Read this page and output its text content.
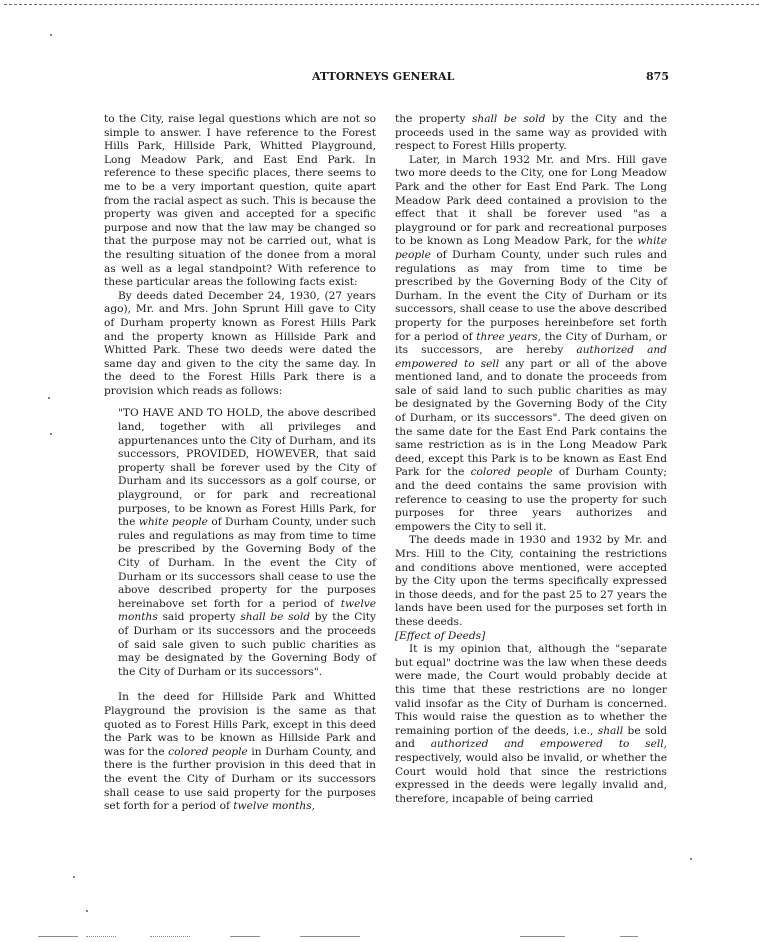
ATTORNEYS GENERAL	875

to the City, raise legal questions which are not so simple to answer. I have reference to the Forest Hills Park, Hillside Park, Whitted Playground, Long Meadow Park, and East End Park. In reference to these specific places, there seems to me to be a very important question, quite apart from the racial aspect as such. This is because the property was given and accepted for a specific purpose and now that the law may be changed so that the purpose may not be carried out, what is the resulting situation of the donee from a moral as well as a legal standpoint? With reference to these particular areas the following facts exist:

By deeds dated December 24, 1930, (27 years ago), Mr. and Mrs. John Sprunt Hill gave to City of Durham property known as Forest Hills Park and the property known as Hillside Park and Whitted Park. These two deeds were dated the same day and given to the city the same day. In the deed to the Forest Hills Park there is a provision which reads as follows:

"TO HAVE AND TO HOLD, the above described land, together with all privileges and appurtenances unto the City of Durham, and its successors, PROVIDED, HOWEVER, that said property shall be forever used by the City of Durham and its successors as a golf course, or playground, or for park and recreational purposes, to be known as Forest Hills Park, for the white people of Durham County, under such rules and regulations as may from time to time be prescribed by the Governing Body of the City of Durham. In the event the City of Durham or its successors shall cease to use the above described property for the purposes hereinabove set forth for a period of twelve months said property shall be sold by the City of Durham or its successors and the proceeds of said sale given to such public charities as may be designated by the Governing Body of the City of Durham or its successors".

In the deed for Hillside Park and Whitted Playground the provision is the same as that quoted as to Forest Hills Park, except in this deed the Park was to be known as Hillside Park and was for the colored people in Durham County, and there is the further provision in this deed that in the event the City of Durham or its successors shall cease to use said property for the purposes set forth for a period of twelve months,

the property shall be sold by the City and the proceeds used in the same way as provided with respect to Forest Hills property.

Later, in March 1932 Mr. and Mrs. Hill gave two more deeds to the City, one for Long Meadow Park and the other for East End Park. The Long Meadow Park deed contained a provision to the effect that it shall be forever used "as a playground or for park and recreational purposes to be known as Long Meadow Park, for the white people of Durham County, under such rules and regulations as may from time to time be prescribed by the Governing Body of the City of Durham. In the event the City of Durham or its successors, shall cease to use the above described property for the purposes hereinbefore set forth for a period of three years, the City of Durham, or its successors, are hereby authorized and empowered to sell any part or all of the above mentioned land, and to donate the proceeds from sale of said land to such public charities as may be designated by the Governing Body of the City of Durham, or its successors". The deed given on the same date for the East End Park contains the same restriction as is in the Long Meadow Park deed, except this Park is to be known as East End Park for the colored people of Durham County; and the deed contains the same provision with reference to ceasing to use the property for such purposes for three years authorizes and empowers the City to sell it.

The deeds made in 1930 and 1932 by Mr. and Mrs. Hill to the City, containing the restrictions and conditions above mentioned, were accepted by the City upon the terms specifically expressed in those deeds, and for the past 25 to 27 years the lands have been used for the purposes set forth in these deeds.

[Effect of Deeds]

It is my opinion that, although the "separate but equal" doctrine was the law when these deeds were made, the Court would probably decide at this time that these restrictions are no longer valid insofar as the City of Durham is concerned. This would raise the question as to whether the remaining portion of the deeds, i.e., shall be sold and authorized and empowered to sell, respectively, would also be invalid, or whether the Court would hold that since the restrictions expressed in the deeds were legally invalid and, therefore, incapable of being carried
